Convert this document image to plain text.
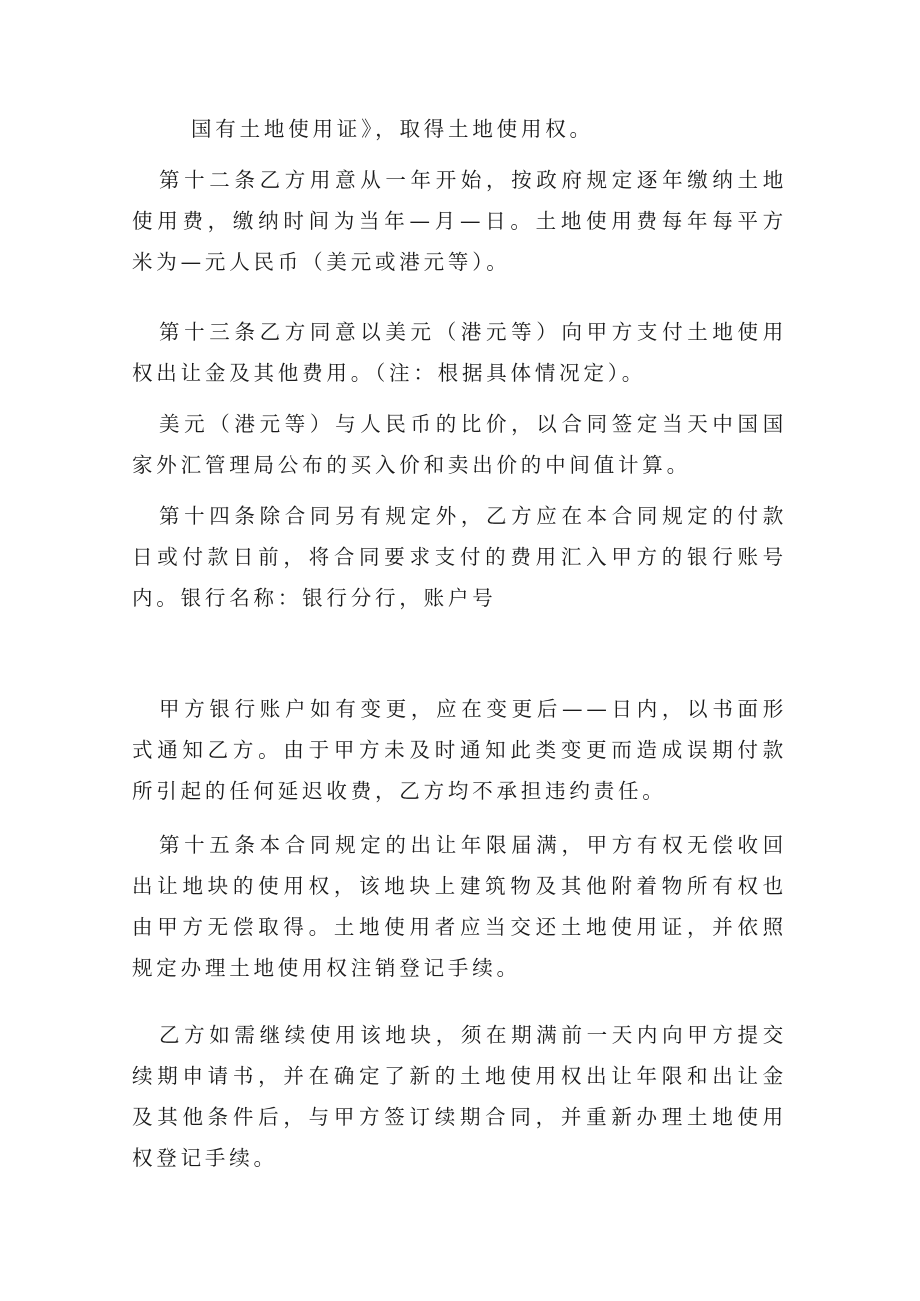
国有土地使用证》，取得土地使用权。

第十二条乙方用意从一年开始，按政府规定逐年缴纳土地使用费，缴纳时间为当年—月—日。土地使用费每年每平方米为—元人民币（美元或港元等）。

第十三条乙方同意以美元（港元等）向甲方支付土地使用权出让金及其他费用。（注：根据具体情况定）。

美元（港元等）与人民币的比价，以合同签定当天中国国家外汇管理局公布的买入价和卖出价的中间值计算。

第十四条除合同另有规定外，乙方应在本合同规定的付款日或付款日前，将合同要求支付的费用汇入甲方的银行账号内。银行名称：银行分行，账户号

甲方银行账户如有变更，应在变更后——日内，以书面形式通知乙方。由于甲方未及时通知此类变更而造成误期付款所引起的任何延迟收费，乙方均不承担违约责任。

第十五条本合同规定的出让年限届满，甲方有权无偿收回出让地块的使用权，该地块上建筑物及其他附着物所有权也由甲方无偿取得。土地使用者应当交还土地使用证，并依照规定办理土地使用权注销登记手续。

乙方如需继续使用该地块，须在期满前一天内向甲方提交续期申请书，并在确定了新的土地使用权出让年限和出让金及其他条件后，与甲方签订续期合同，并重新办理土地使用权登记手续。
